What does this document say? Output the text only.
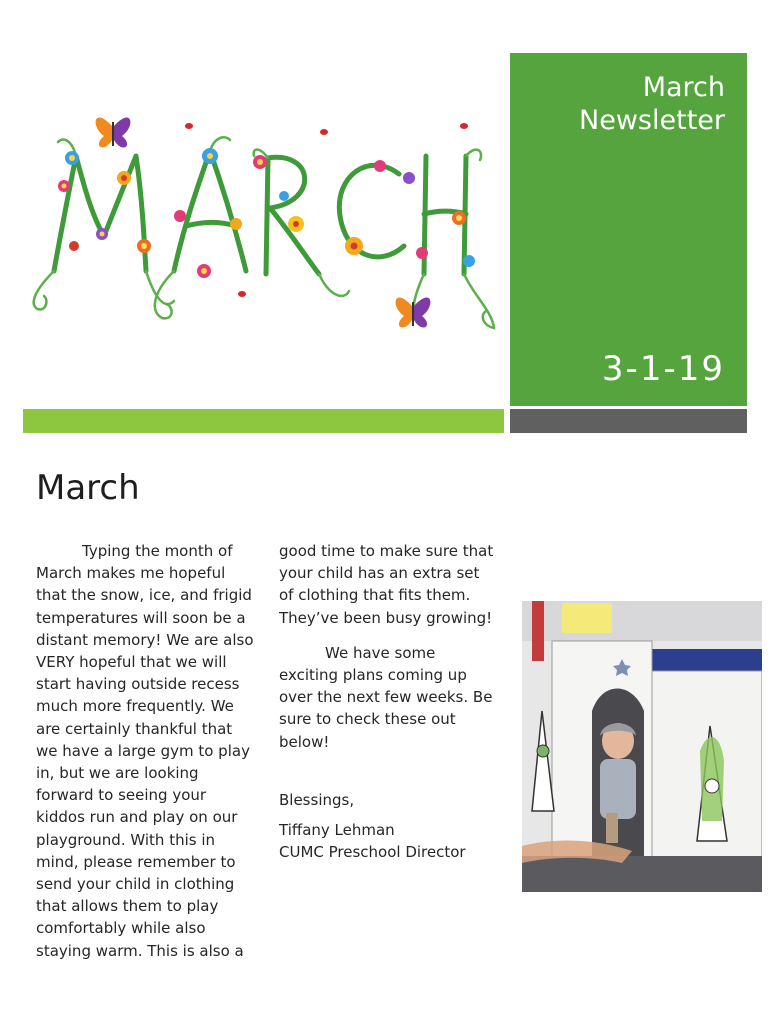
March
Newsletter
3-1-19
March

Typing the month of March makes me hopeful that the snow, ice, and frigid temperatures will soon be a distant memory! We are also VERY hopeful that we will start having outside recess much more frequently. We are certainly thankful that we have a large gym to play in, but we are looking forward to seeing your kiddos run and play on our playground. With this in mind, please remember to send your child in clothing that allows them to play comfortably while also staying warm. This is also a

good time to make sure that your child has an extra set of clothing that fits them. They’ve been busy growing!

We have some exciting plans coming up over the next few weeks. Be sure to check these out below!

Blessings,

Tiffany Lehman

CUMC Preschool Director
